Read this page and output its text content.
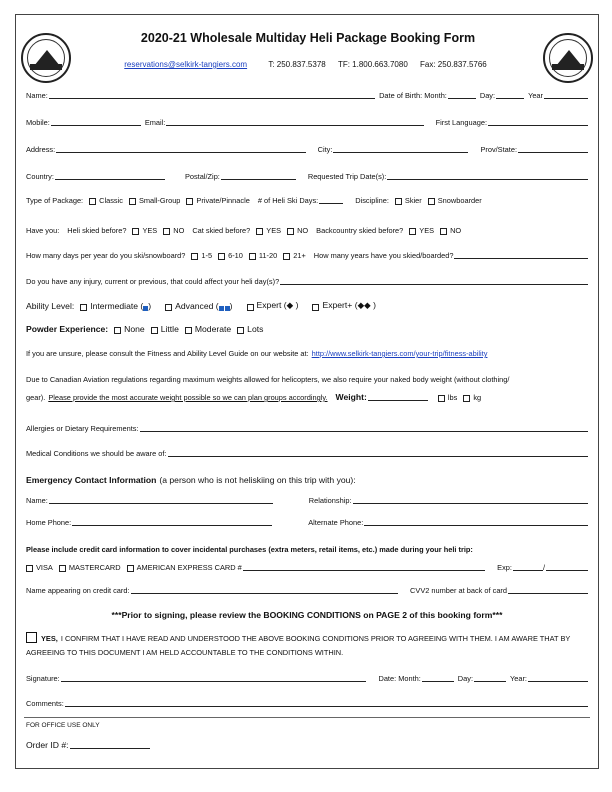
2020-21 Wholesale Multiday Heli Package Booking Form
reservations@selkirk-tangiers.com	T: 250.837.5378 TF: 1.800.663.7080 Fax: 250.837.5766
Name:	Date of Birth: Month:	Day:	Year
Mobile:	Email:	First Language:
Address:	City:	Prov/State:
Country:	Postal/Zip:	Requested Trip Date(s):
Type of Package: Classic Small-Group Private/Pinnacle # of Heli Ski Days:	Discipline: Skier Snowboarder
Have you: Heli skied before? YES NO Cat skied before? YES NO Backcountry skied before? YES NO
How many days per year do you ski/snowboard? 1-5 6-10 11-20 21+ How many years have you skied/boarded?
Do you have any injury, current or previous, that could affect your heli day(s)?
Ability Level: Intermediate ( )	Advanced ( )	Expert (◆ )	Expert+ (◆◆ )
Powder Experience: None Little Moderate Lots
If you are unsure, please consult the Fitness and Ability Level Guide on our website at: http://www.selkirk-tangiers.com/your-trip/fitness-ability
Due to Canadian Aviation regulations regarding maximum weights allowed for helicopters, we also require your naked body weight (without clothing/
gear). Please provide the most accurate weight possible so we can plan groups accordingly. Weight:	lbs kg
Allergies or Dietary Requirements:
Medical Conditions we should be aware of:
Emergency Contact Information (a person who is not heliskiing on this trip with you):
Name:	Relationship:
Home Phone:	Alternate Phone:
Please include credit card information to cover incidental purchases (extra meters, retail items, etc.) made during your heli trip:
VISA MASTERCARD AMERICAN EXPRESS CARD #	Exp:	/
Name appearing on credit card:	CVV2 number at back of card
***Prior to signing, please review the BOOKING CONDITIONS on PAGE 2 of this booking form***
YES, I CONFIRM THAT I HAVE READ AND UNDERSTOOD THE ABOVE BOOKING CONDITIONS PRIOR TO AGREEING WITH THEM. I AM AWARE THAT BY
AGREEING TO THIS DOCUMENT I AM HELD ACCOUNTABLE TO THE CONDITIONS WITHIN.
Signature:	Date: Month:	Day:	Year:
Comments:
FOR OFFICE USE ONLY
Order ID #:
